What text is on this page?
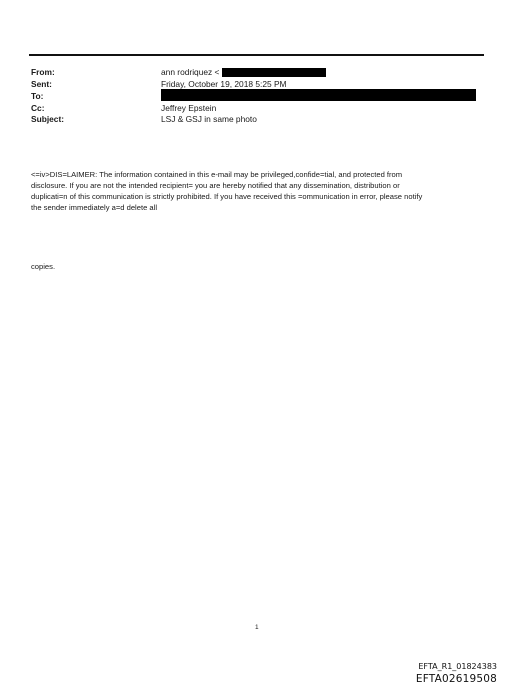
From:
Sent:
To:
Cc:
Subject:
ann rodriquez <
Friday, October 19, 2018 5:25 PM
Jeffrey Epstein
LSJ & GSJ in same photo
<=iv>DIS=LAIMER: The information contained in this e-mail may be privileged,confide=tial, and protected from
disclosure. If you are not the intended recipient= you are hereby notified that any dissemination, distribution or
duplicati=n of this communication is strictly prohibited. If you have received this =ommunication in error, please notify
the sender immediately a=d delete all
copies.
1
EFTA_R1_01824383
EFTA02619508
